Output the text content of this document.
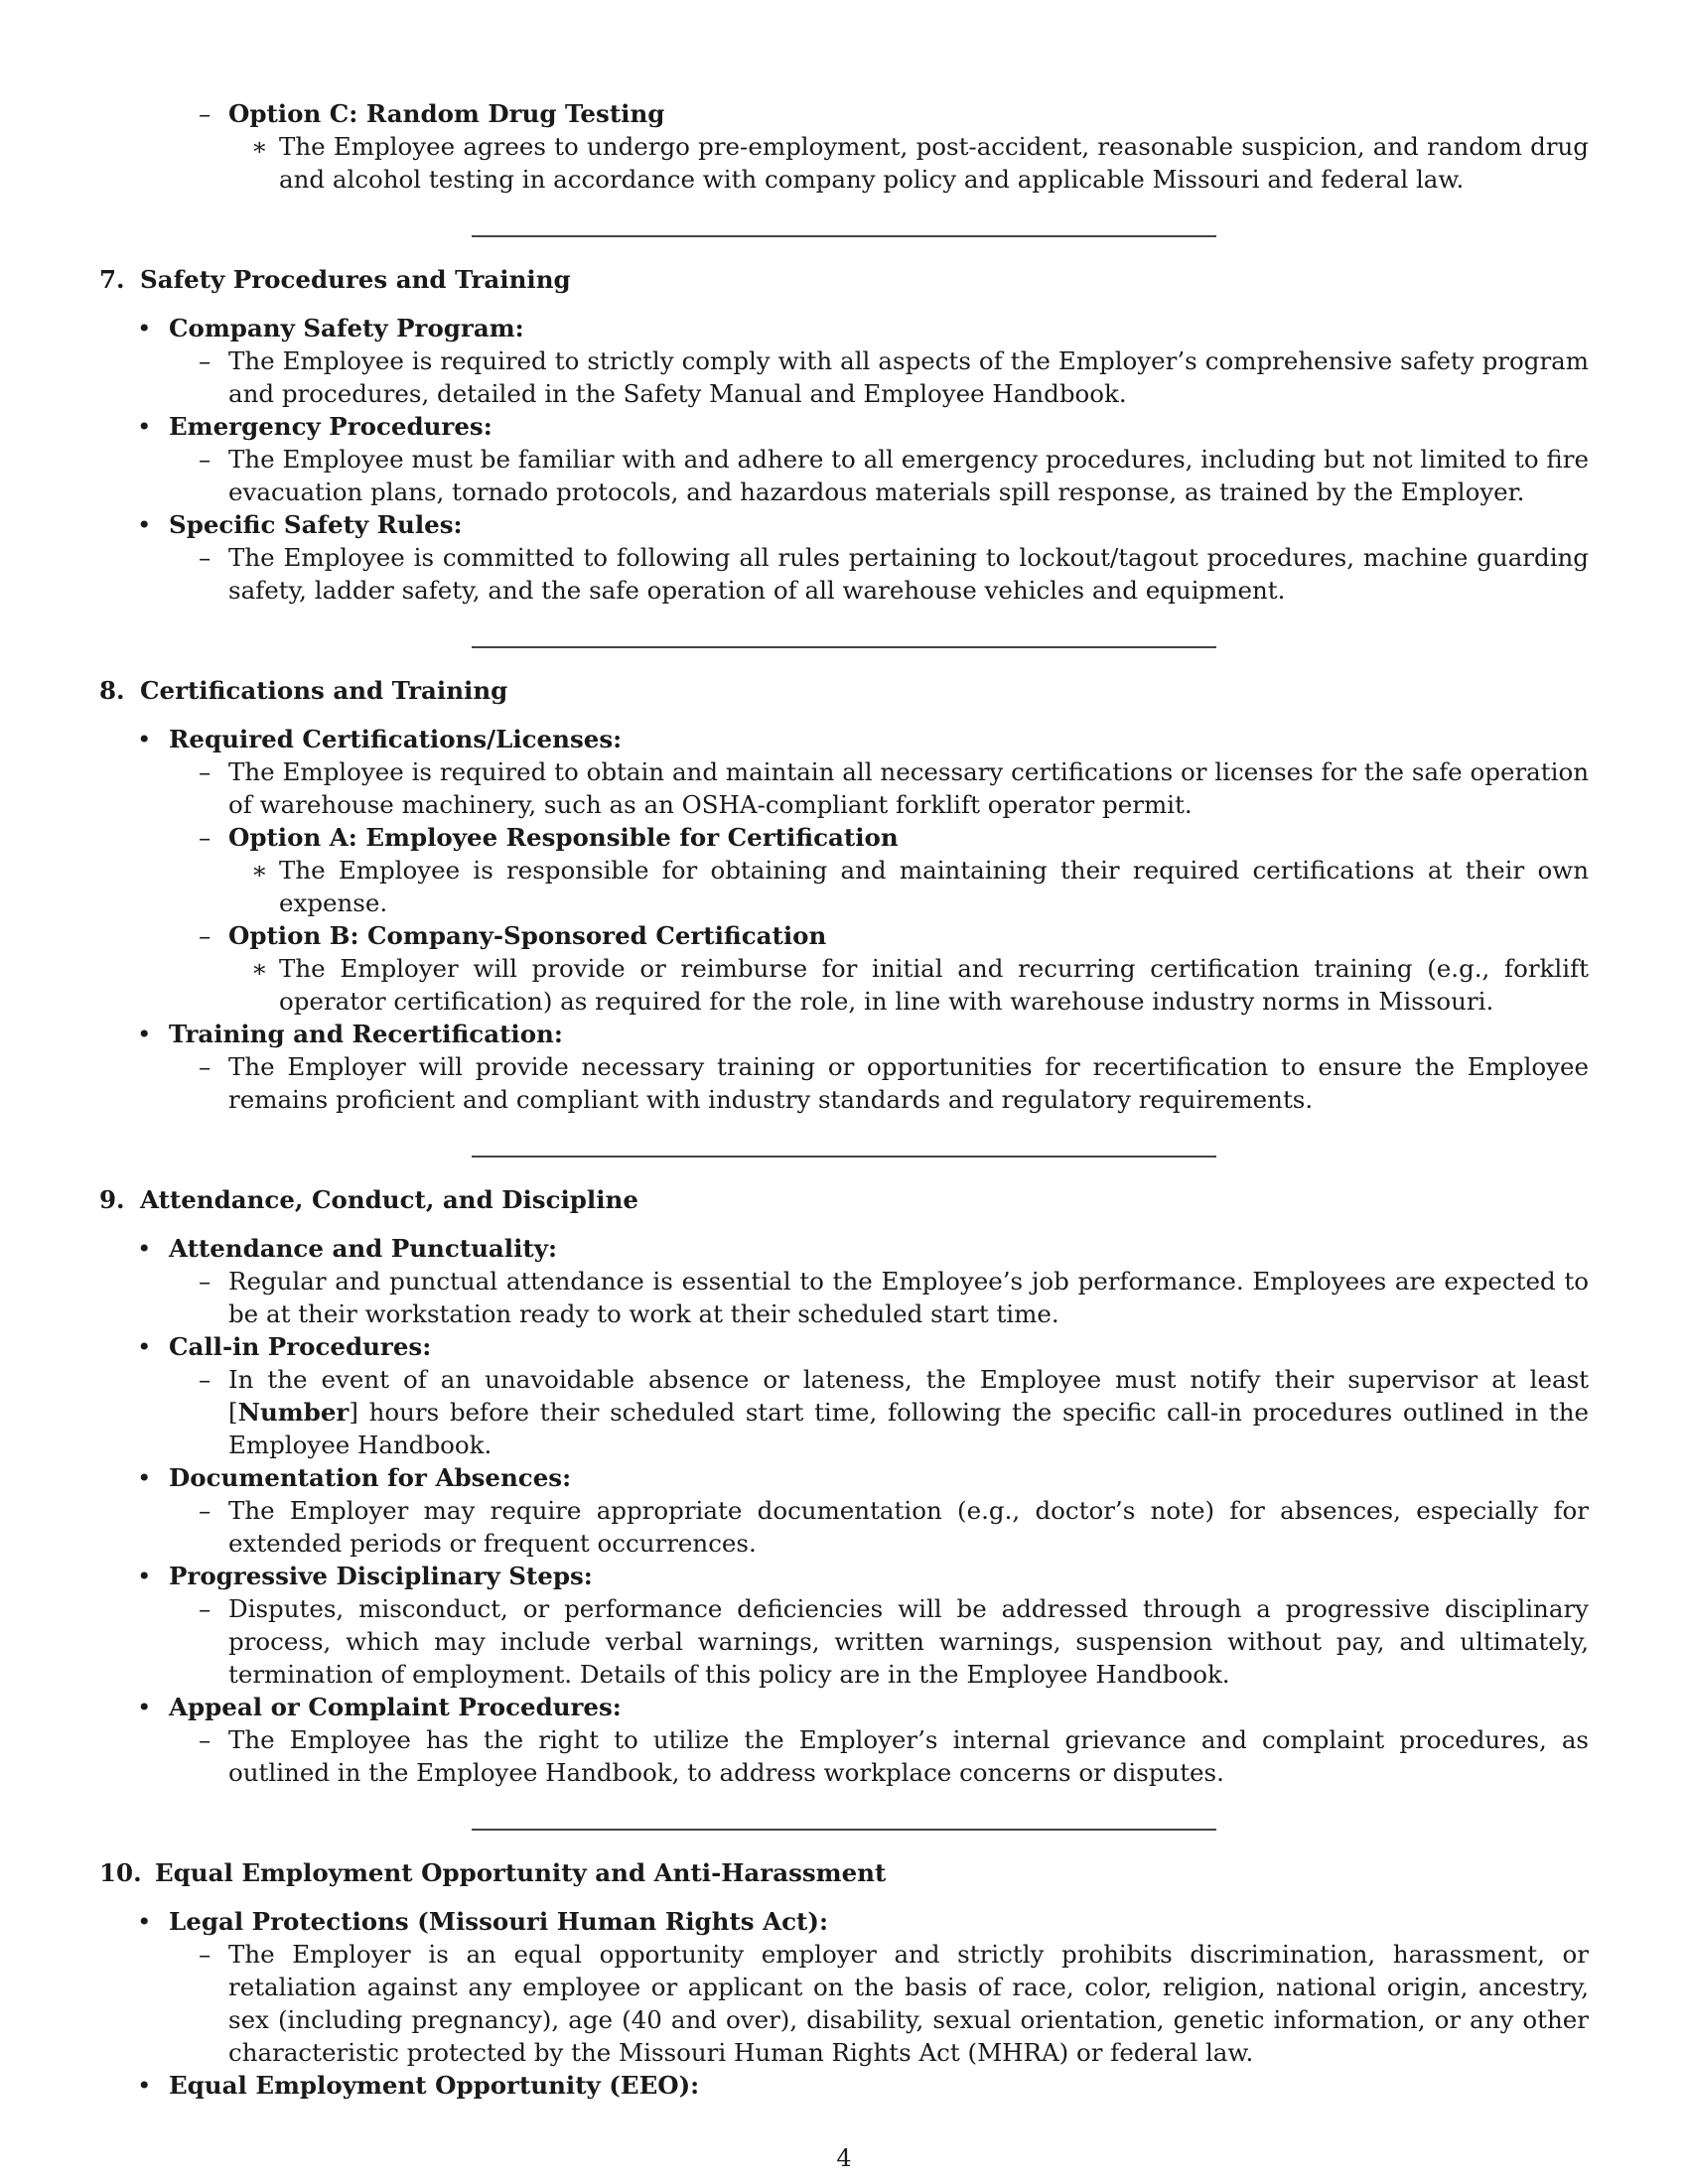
– Option C: Random Drug Testing
∗ The Employee agrees to undergo pre-employment, post-accident, reasonable suspicion, and random drug and alcohol testing in accordance with company policy and applicable Missouri and federal law.
7. Safety Procedures and Training
• Company Safety Program:
– The Employee is required to strictly comply with all aspects of the Employer’s comprehensive safety program and procedures, detailed in the Safety Manual and Employee Handbook.
• Emergency Procedures:
– The Employee must be familiar with and adhere to all emergency procedures, including but not limited to fire evacuation plans, tornado protocols, and hazardous materials spill response, as trained by the Employer.
• Specific Safety Rules:
– The Employee is committed to following all rules pertaining to lockout/tagout procedures, machine guarding safety, ladder safety, and the safe operation of all warehouse vehicles and equipment.
8. Certifications and Training
• Required Certifications/Licenses:
– The Employee is required to obtain and maintain all necessary certifications or licenses for the safe operation of warehouse machinery, such as an OSHA-compliant forklift operator permit.
– Option A: Employee Responsible for Certification
∗ The Employee is responsible for obtaining and maintaining their required certifications at their own expense.
– Option B: Company-Sponsored Certification
∗ The Employer will provide or reimburse for initial and recurring certification training (e.g., forklift operator certification) as required for the role, in line with warehouse industry norms in Missouri.
• Training and Recertification:
– The Employer will provide necessary training or opportunities for recertification to ensure the Employee remains proficient and compliant with industry standards and regulatory requirements.
9. Attendance, Conduct, and Discipline
• Attendance and Punctuality:
– Regular and punctual attendance is essential to the Employee’s job performance. Employees are expected to be at their workstation ready to work at their scheduled start time.
• Call-in Procedures:
– In the event of an unavoidable absence or lateness, the Employee must notify their supervisor at least [Number] hours before their scheduled start time, following the specific call-in procedures outlined in the Employee Handbook.
• Documentation for Absences:
– The Employer may require appropriate documentation (e.g., doctor’s note) for absences, especially for extended periods or frequent occurrences.
• Progressive Disciplinary Steps:
– Disputes, misconduct, or performance deficiencies will be addressed through a progressive disciplinary process, which may include verbal warnings, written warnings, suspension without pay, and ultimately, termination of employment. Details of this policy are in the Employee Handbook.
• Appeal or Complaint Procedures:
– The Employee has the right to utilize the Employer’s internal grievance and complaint procedures, as outlined in the Employee Handbook, to address workplace concerns or disputes.
10. Equal Employment Opportunity and Anti-Harassment
• Legal Protections (Missouri Human Rights Act):
– The Employer is an equal opportunity employer and strictly prohibits discrimination, harassment, or retaliation against any employee or applicant on the basis of race, color, religion, national origin, ancestry, sex (including pregnancy), age (40 and over), disability, sexual orientation, genetic information, or any other characteristic protected by the Missouri Human Rights Act (MHRA) or federal law.
• Equal Employment Opportunity (EEO):
4
